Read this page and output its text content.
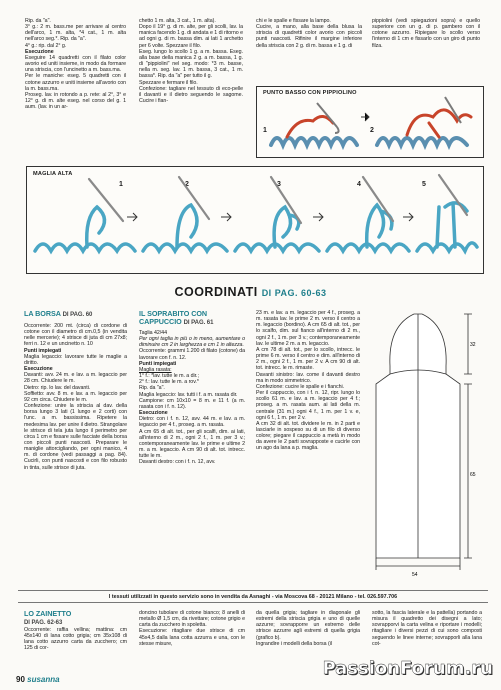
Rip. da "a".

3° g.: 2 m. bass.me per arrivare al centro dell'arco, 1 m. alta, *4 cat., 1 m. alta nell'arco seg.*. Rip. da "a".

4° g.: rip. dal 2° g.

Esecuzione

Eseguire 14 quadretti con il filato color avorio ed uniti insieme, in modo da formare una striscia, con l'uncinetto a m. bass.ma.

Per le maniche: eseg. 5 quadretti con il cotone azzurro e uniti insieme all'avorio con la m. bass.ma.

Proseg. lav. in rotondo a p. rete: al 2°, 3° e 12° g. di m. alte eseg. nel corso del g. 1 aum. (lav. in un ar-

chetto 1 m. alta, 3 cat., 1 m. alta).

Dopo il 19° g. di m. alte, per gli scolli, lav. la manica facendo 1 g. di andata e 1 di ritorno e ad ogni g. di m. bassa dim. ai lati 1 archetto per 6 volte. Spezzare il filo.

Eseg. lungo lo scollo 1 g. a m. bassa. Eseg. alla base della manica 2 g. a m. bassa, 1 g. di "pippiolini" nel seg. modo: *3 m. basse, nella m. seg. lav. 1 m. bassa, 3 cat., 1 m. bassa*. Rip. da "a" per tutto il g.

Spezzare e fermare il filo.

Confezione: tagliare nel tessuto di eco-pelle il davanti e il dietro seguendo le sagome. Cucire i fian-

chi e le spalle e fissare la lampo.

Cucire, a mano, alla base della blusa la striscia di quadretti color avorio con piccoli punti nascosti. Rifinire il margine inferiore della striscia con 2 g. di m. bassa e 1 g. di

pippiolini (vedi spiegazioni sopra) e quello superiore con un g. di p. gambero con il cotone azzurro. Ripiegare lo scollo verso l'interno di 1 cm e fissarlo con un giro di punto filza.

PUNTO BASSO CON PIPPIOLINO
1	2
MAGLIA ALTA
1	2	3	4	5
COORDINATI DI PAG. 60-63
LA BORSA DI PAG. 60

Occorrente: 200 mt. (circa) di cordone di cotone con il diametro di cm.0,5 (in vendita nelle mercerie); 4 strisce di juta di cm 27x8; ferri n. 12 e un uncinetto n. 10

Punti impiegati

Maglia legaccio: lavorare tutte le maglie a diritto.

Esecuzione

Davanti: avv. 24 m. e lav. a m. legaccio per 28 cm. Chiudere le m.

Dietro: rip. lo lav. del davanti.

Soffietto: avv. 8 m. e lav. a m. legaccio per 92 cm circa. Chiudere le m.

Confezione: unire la striscia al dav. della borsa lungo 3 lati (1 lungo e 2 corti) con l'unc. a m. bassissima. Ripetere la medesima lav. per unire il dietro. Strangolare le strisce di tela juta lungo il perimetro per circa 1 cm e fissare sulle facciate della borsa con piccoli punti nascosti. Preparare le maniglie attorcigliando, per ogni manico, 4 m. di cordone (vedi passaggi a pag. 84). Cucirli, con punti nascosti e con filo robusto in tinta, sulle strisce di juta.

IL SOPRABITO CON CAPPUCCIO DI PAG. 61

Taglia 42/44

Per ogni taglia in più o in meno, aumentare o diminuire cm 2 in larghezza e cm 1 in altezza.

Occorrente: grammi 1.200 di filato (cotone) da lavorare con f. n. 12.

Punti impiegati

Maglia rasata:

1° f.: *lav. tutte le m. a dir.;

2° f.: lav. tutte le m. a rov.*

Rip. da "a".

Maglia legaccio: lav. tutti i f. a m. rasata dir.

Campione: cm 10x10 = 8 m. e 11 f. (a m. rasata con i f. n. 12).

Esecuzione

Dietro: con i f. n. 12, avv. 44 m. e lav. a m. legaccio per 4 f., proseg. a m. rasata.

A cm 65 di alt. tot., per gli scalfi, dim. ai lati, all'interno di 2 m., ogni 2 f., 1 m. per 3 v.; contemporaneamente lav. le prime e ultime 2 m. a m. legaccio. A cm 90 di alt. tot. intrecc. tutte le m.

Davanti destro: con i f. n. 12, avv.

23 m. e lav. a m. legaccio per 4 f., proseg. a m. rasata lav. le prime 2 m. verso il centro a m. legaccio (bordino). A cm 65 di alt. tot., per lo scalfo, dim. sul fianco all'interno di 2 m., ogni 2 f., 1 m. per 3 v.; contemporaneamente lav. le ultime 2 m. a m. legaccio.

A cm 78 di alt. tot., per lo scollo, intrecc. le prime 6 m. verso il centro e dim. all'interno di 2 m., ogni 2 f., 1 m. per 2 v. A cm 90 di alt. tot. intrecc. le m. rimaste.

Davanti sinistro: lav. come il davanti destro ma in modo simmetrico.

Confezione: cucire le spalle e i fianchi.

Per il cappuccio, con i f. n. 12, ripr. lungo lo scollo 61 m. e lav. a m. legaccio per 4 f.; proseg. a m. rasata aum. ai lati della m. centrale (31 m.) ogni 4 f., 1 m. per 1 v. e, ogni 6 f., 1 m. per 2 v.

A cm 32 di alt. tot. dividere le m. in 2 parti e lasciarle in sospeso su di un filo di diverso colore; piegare il cappuccio a metà in modo da avere le 2 parti sovrapposte e cucirle con un ago da lana a p. maglia.

54
65
32
I tessuti utilizzati in questo servizio sono in vendita da Asnaghi - via Moscova 68 - 20121 Milano - tel. 026.597.706
LO ZAINETTO
DI PAG. 62-63

Occorrente: raffia vellina; mattina: cm 45x140 di lana cotto grigia; cm 35x108 di lana cotto azzurro carta da zucchero; cm 125 di cor-

doncino tubolare di cotone bianco; 8 anelli di metallo Ø 1,5 cm, da rivettare; cotone grigio e carta da zucchero in spoletta.

Esecuzione: ritagliare due strisce di cm 45x4,5 dalla lana cotta azzurra e una, con le stesse misure,

da quella grigia; tagliare in diagonale gli estremi della striscia grigia e uno di quelle azzurre; sovrapporre un estremo delle strisce azzurre agli estremi di quella grigia (grafico b).

Ingrandire i modelli della borsa (il

sotto, la fascia laterale e la pattella) portando a misura il quadretto dei disegni a lato; sovrapporvi la carta velina e riportare i modelli; ritagliare i diversi pezzi di cui sono composti seguendo le linee interne; sovrapporli alla lana cot-

90 susanna
PassionForum.ru
